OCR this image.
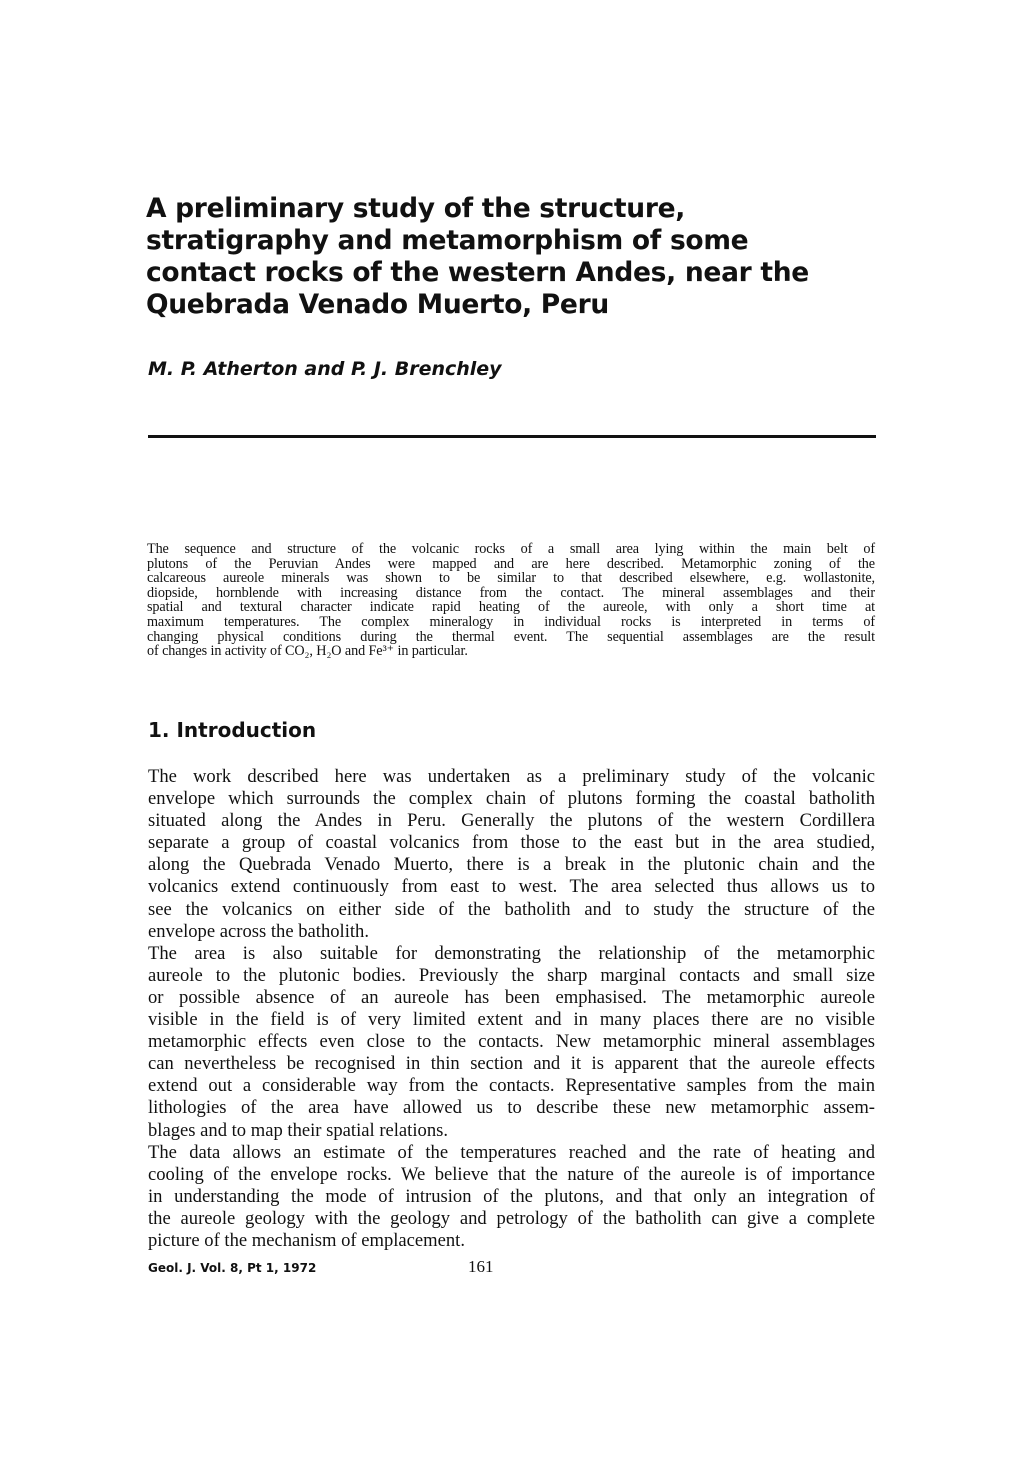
A preliminary study of the structure,
stratigraphy and metamorphism of some
contact rocks of the western Andes, near the
Quebrada Venado Muerto, Peru

M. P. Atherton and P. J. Brenchley

The sequence and structure of the volcanic rocks of a small area lying within the main belt of
plutons of the Peruvian Andes were mapped and are here described. Metamorphic zoning of the
calcareous aureole minerals was shown to be similar to that described elsewhere, e.g. wollastonite,
diopside, hornblende with increasing distance from the contact. The mineral assemblages and their
spatial and textural character indicate rapid heating of the aureole, with only a short time at
maximum temperatures. The complex mineralogy in individual rocks is interpreted in terms of
changing physical conditions during the thermal event. The sequential assemblages are the result
of changes in activity of CO₂, H₂O and Fe³⁺ in particular.
1. Introduction
The work described here was undertaken as a preliminary study of the volcanic
envelope which surrounds the complex chain of plutons forming the coastal batholith
situated along the Andes in Peru. Generally the plutons of the western Cordillera
separate a group of coastal volcanics from those to the east but in the area studied,
along the Quebrada Venado Muerto, there is a break in the plutonic chain and the
volcanics extend continuously from east to west. The area selected thus allows us to
see the volcanics on either side of the batholith and to study the structure of the
envelope across the batholith.
The area is also suitable for demonstrating the relationship of the metamorphic
aureole to the plutonic bodies. Previously the sharp marginal contacts and small size
or possible absence of an aureole has been emphasised. The metamorphic aureole
visible in the field is of very limited extent and in many places there are no visible
metamorphic effects even close to the contacts. New metamorphic mineral assemblages
can nevertheless be recognised in thin section and it is apparent that the aureole effects
extend out a considerable way from the contacts. Representative samples from the main
lithologies of the area have allowed us to describe these new metamorphic assem-
blages and to map their spatial relations.
The data allows an estimate of the temperatures reached and the rate of heating and
cooling of the envelope rocks. We believe that the nature of the aureole is of importance
in understanding the mode of intrusion of the plutons, and that only an integration of
the aureole geology with the geology and petrology of the batholith can give a complete
picture of the mechanism of emplacement.

Geol. J. Vol. 8, Pt 1, 1972	161
